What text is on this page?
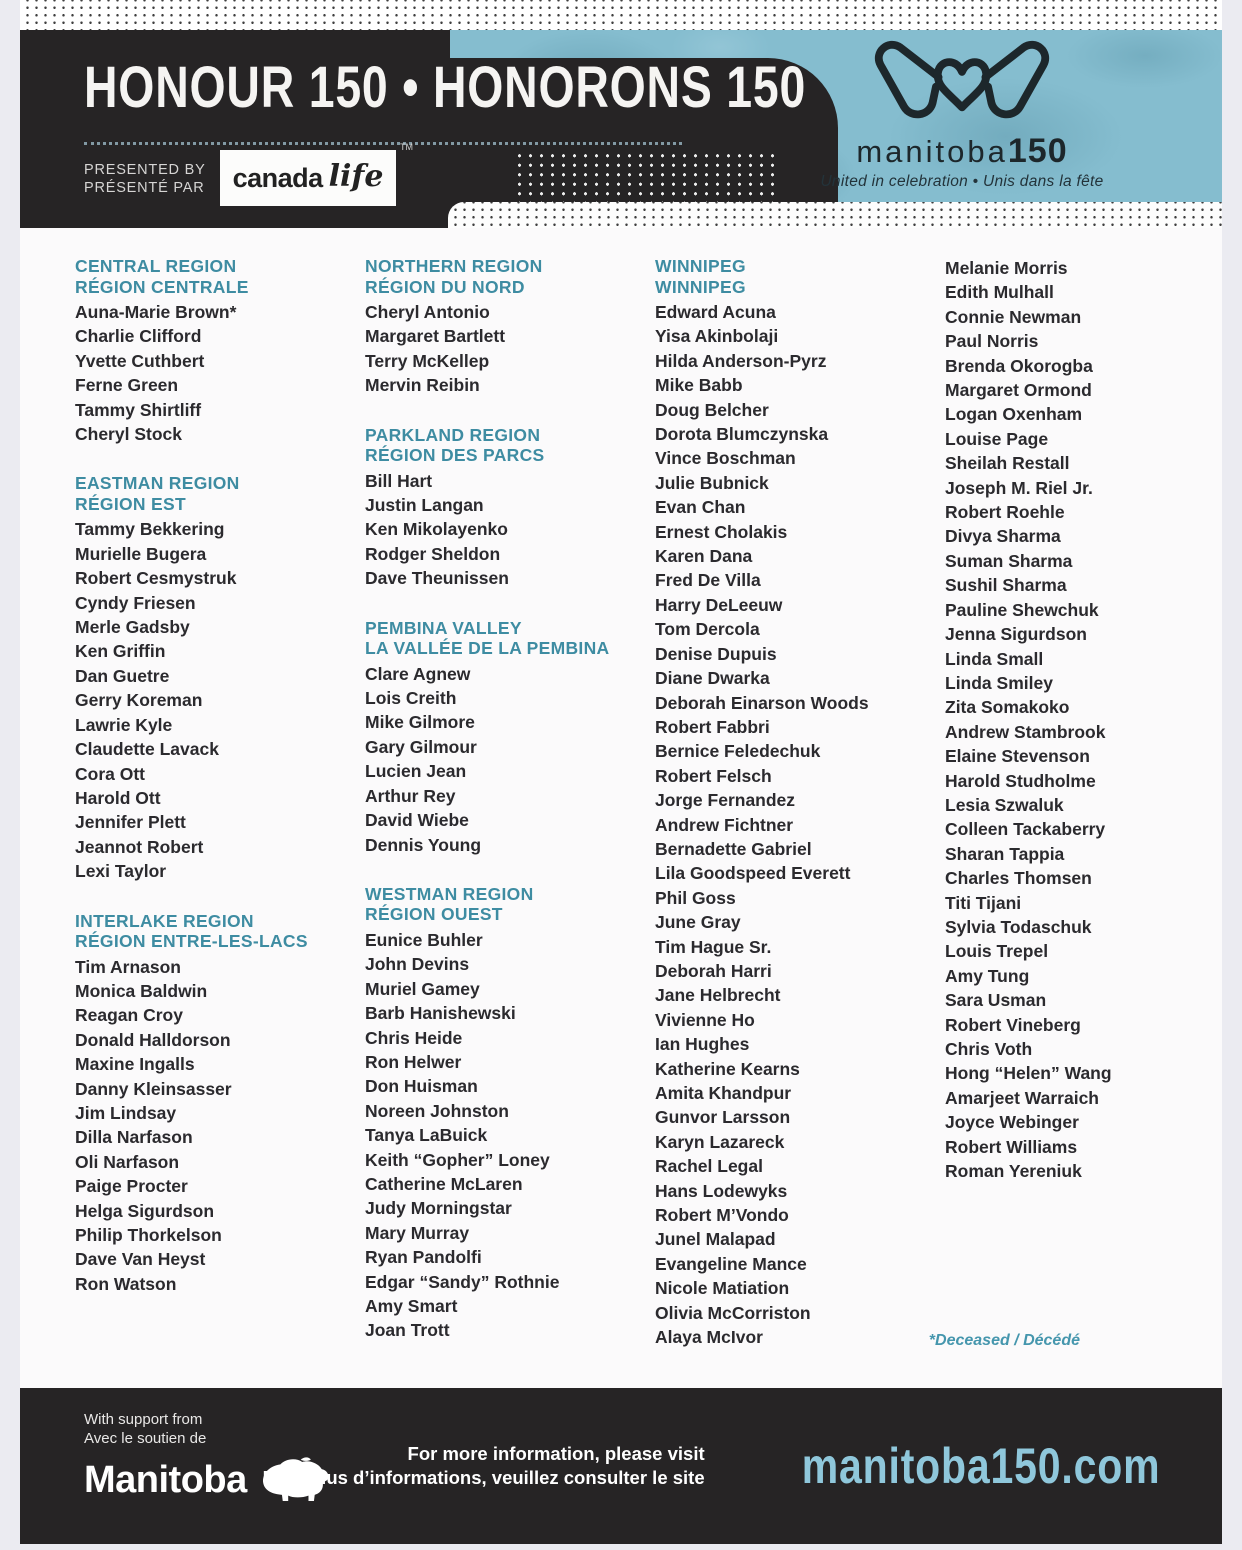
HONOUR 150 • HONORONS 150
PRESENTED BY
PRÉSENTÉ PAR canada life
TM	manitoba150
United in celebration • Unis dans la fête
CENTRAL REGION
RÉGION CENTRALE
Auna-Marie Brown*
Charlie Clifford
Yvette Cuthbert
Ferne Green
Tammy Shirtliff
Cheryl Stock
EASTMAN REGION
RÉGION EST
Tammy Bekkering
Murielle Bugera
Robert Cesmystruk
Cyndy Friesen
Merle Gadsby
Ken Griffin
Dan Guetre
Gerry Koreman
Lawrie Kyle
Claudette Lavack
Cora Ott
Harold Ott
Jennifer Plett
Jeannot Robert
Lexi Taylor
INTERLAKE REGION
RÉGION ENTRE-LES-LACS
Tim Arnason
Monica Baldwin
Reagan Croy
Donald Halldorson
Maxine Ingalls
Danny Kleinsasser
Jim Lindsay
Dilla Narfason
Oli Narfason
Paige Procter
Helga Sigurdson
Philip Thorkelson
Dave Van Heyst
Ron Watson
NORTHERN REGION
RÉGION DU NORD
Cheryl Antonio
Margaret Bartlett
Terry McKellep
Mervin Reibin
PARKLAND REGION
RÉGION DES PARCS
Bill Hart
Justin Langan
Ken Mikolayenko
Rodger Sheldon
Dave Theunissen
PEMBINA VALLEY
LA VALLÉE DE LA PEMBINA
Clare Agnew
Lois Creith
Mike Gilmore
Gary Gilmour
Lucien Jean
Arthur Rey
David Wiebe
Dennis Young
WESTMAN REGION
RÉGION OUEST
Eunice Buhler
John Devins
Muriel Gamey
Barb Hanishewski
Chris Heide
Ron Helwer
Don Huisman
Noreen Johnston
Tanya LaBuick
Keith “Gopher” Loney
Catherine McLaren
Judy Morningstar
Mary Murray
Ryan Pandolfi
Edgar “Sandy” Rothnie
Amy Smart
Joan Trott
WINNIPEG
WINNIPEG
Edward Acuna
Yisa Akinbolaji
Hilda Anderson-Pyrz
Mike Babb
Doug Belcher
Dorota Blumczynska
Vince Boschman
Julie Bubnick
Evan Chan
Ernest Cholakis
Karen Dana
Fred De Villa
Harry DeLeeuw
Tom Dercola
Denise Dupuis
Diane Dwarka
Deborah Einarson Woods
Robert Fabbri
Bernice Feledechuk
Robert Felsch
Jorge Fernandez
Andrew Fichtner
Bernadette Gabriel
Lila Goodspeed Everett
Phil Goss
June Gray
Tim Hague Sr.
Deborah Harri
Jane Helbrecht
Vivienne Ho
Ian Hughes
Katherine Kearns
Amita Khandpur
Gunvor Larsson
Karyn Lazareck
Rachel Legal
Hans Lodewyks
Robert M’Vondo
Junel Malapad
Evangeline Mance
Nicole Matiation
Olivia McCorriston
Alaya McIvor
Melanie Morris
Edith Mulhall
Connie Newman
Paul Norris
Brenda Okorogba
Margaret Ormond
Logan Oxenham
Louise Page
Sheilah Restall
Joseph M. Riel Jr.
Robert Roehle
Divya Sharma
Suman Sharma
Sushil Sharma
Pauline Shewchuk
Jenna Sigurdson
Linda Small
Linda Smiley
Zita Somakoko
Andrew Stambrook
Elaine Stevenson
Harold Studholme
Lesia Szwaluk
Colleen Tackaberry
Sharan Tappia
Charles Thomsen
Titi Tijani
Sylvia Todaschuk
Louis Trepel
Amy Tung
Sara Usman
Robert Vineberg
Chris Voth
Hong “Helen” Wang
Amarjeet Warraich
Joyce Webinger
Robert Williams
Roman Yereniuk
*Deceased / Décédé
With support from
Avec le soutien de
Manitoba
For more information, please visit
Pour plus d’informations, veuillez consulter le site manitoba150.com
